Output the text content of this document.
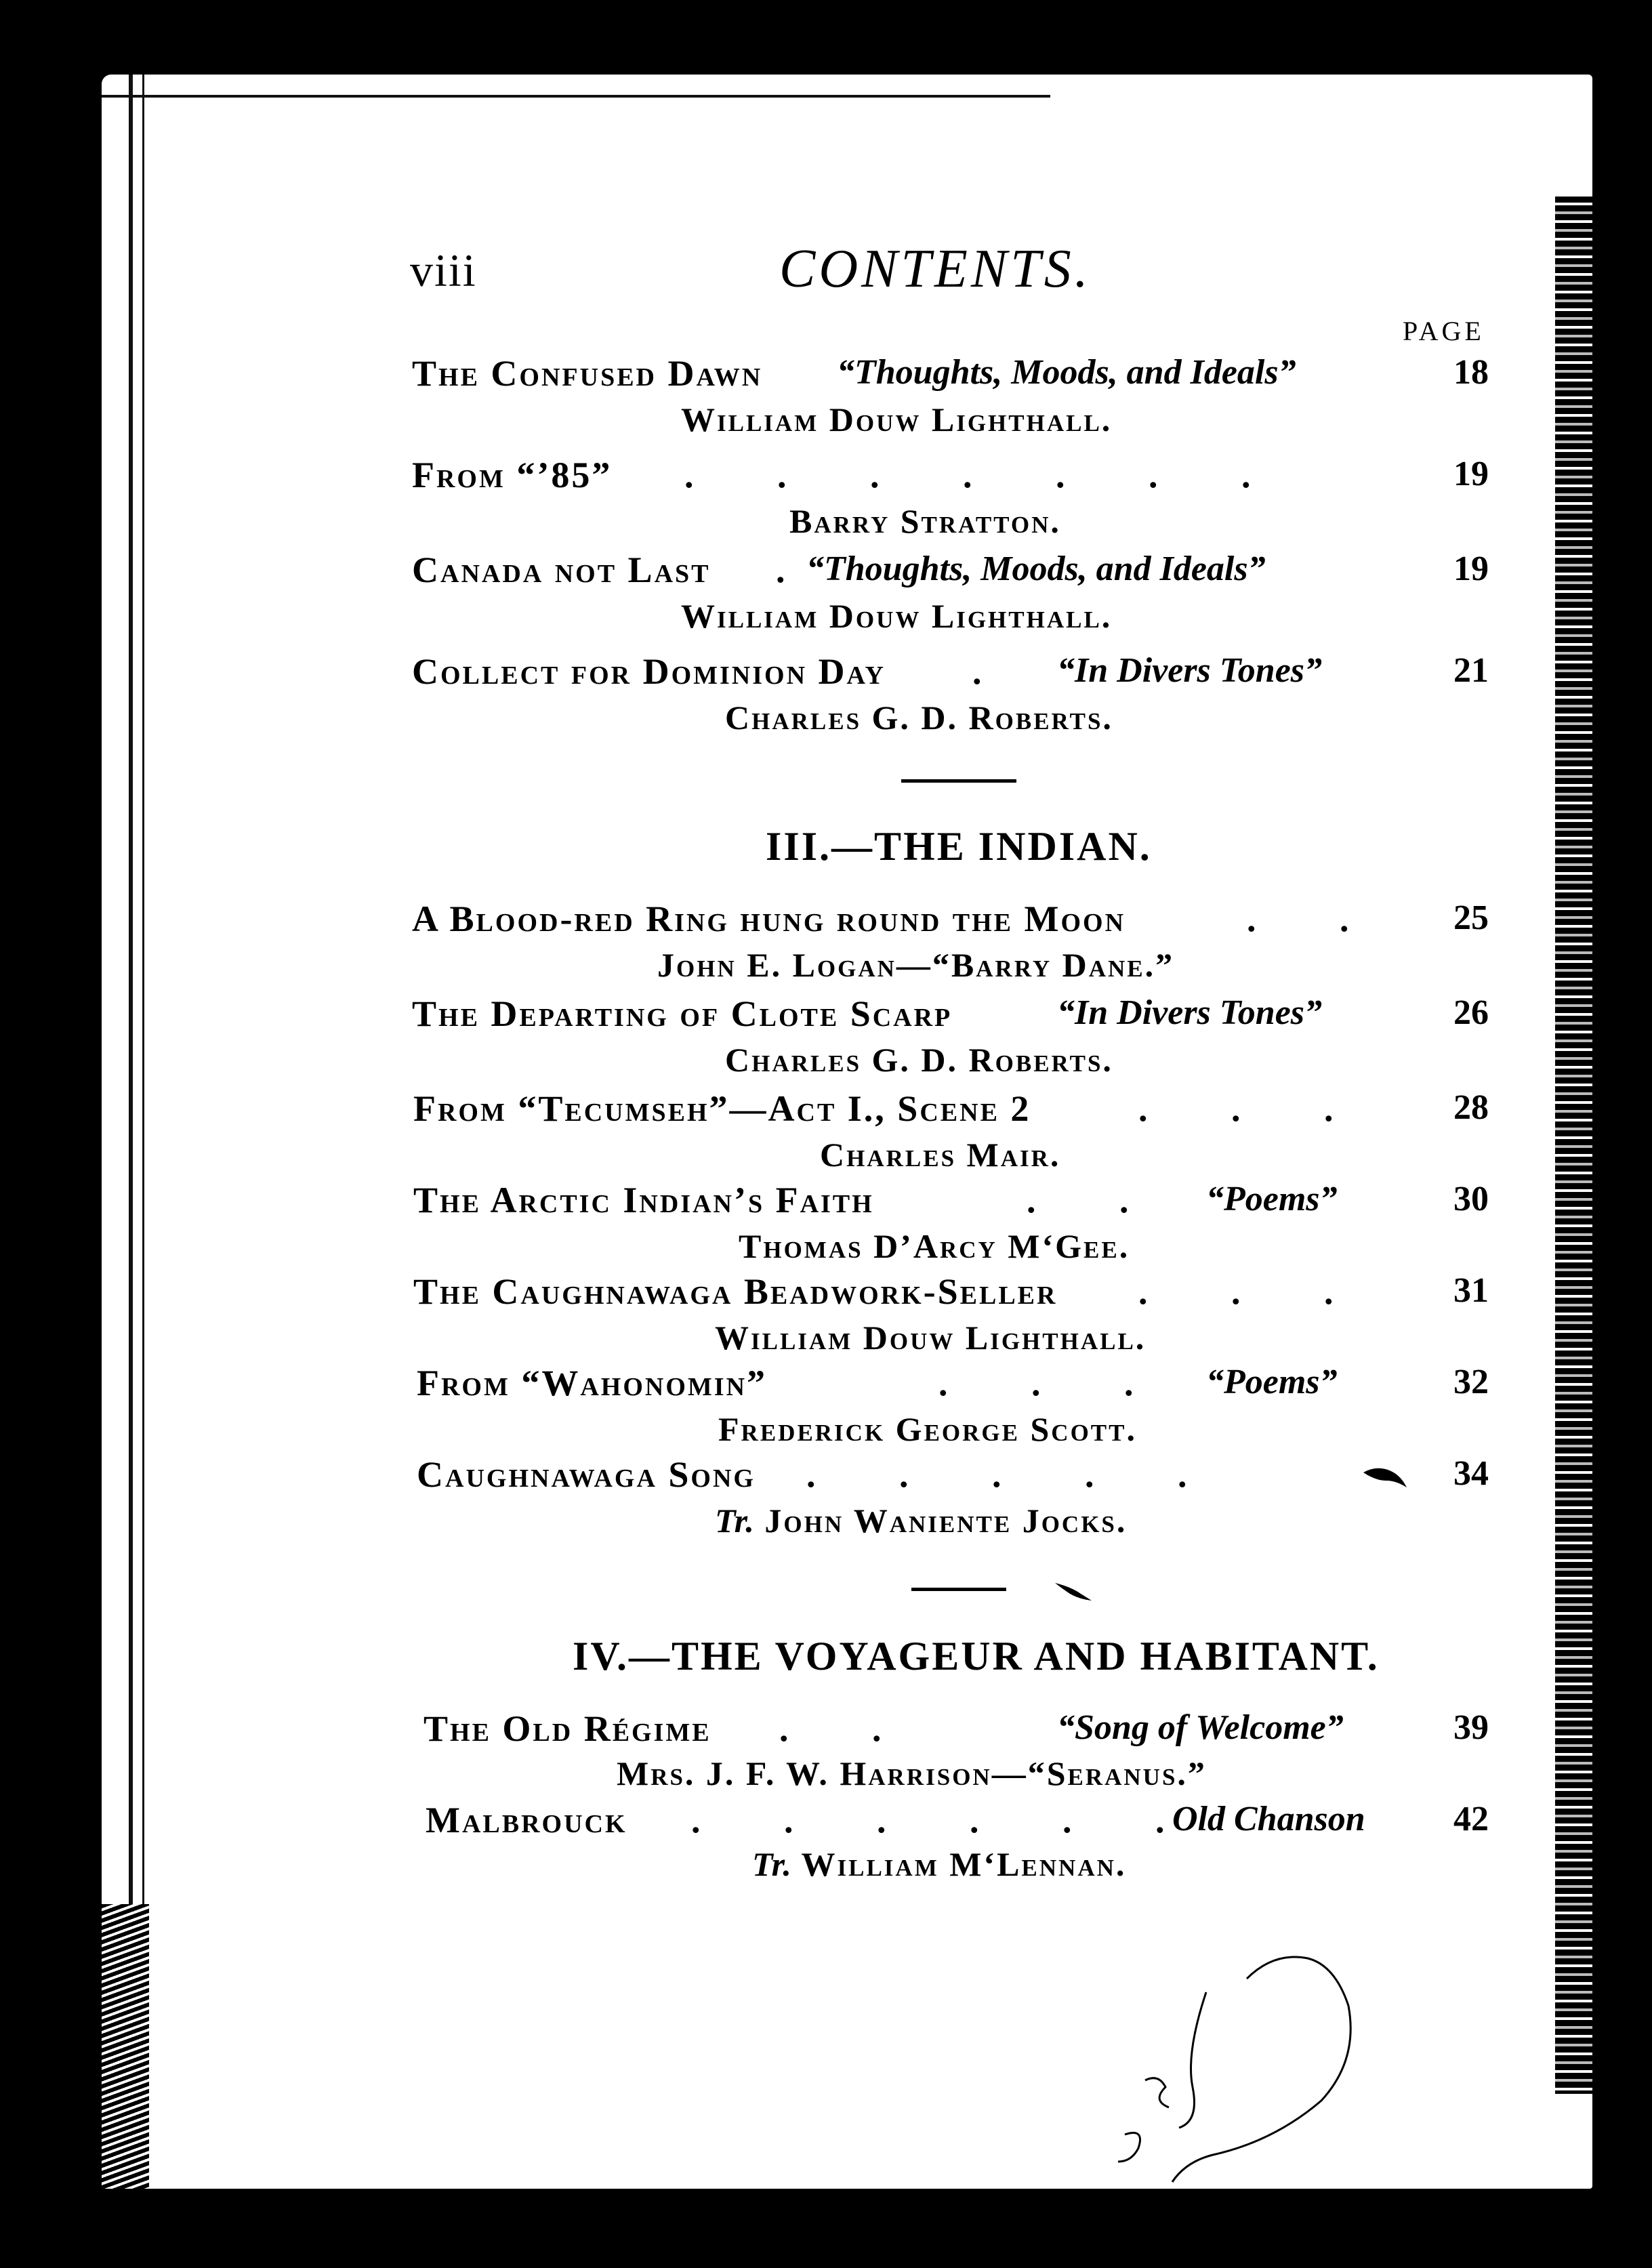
viii	CONTENTS.
PAGE
The Confused Dawn “Thoughts, Moods, and Ideals”	18
William Douw Lighthall.
From “’85” . . . . . . .	19
Barry Stratton.
Canada not Last . “Thoughts, Moods, and Ideals”	19
William Douw Lighthall.
Collect for Dominion Day . “In Divers Tones”	21
Charles G. D. Roberts.
III.—THE INDIAN.
A Blood-red Ring hung round the Moon	. .	25
John E. Logan—“Barry Dane.”
The Departing of Clote Scarp	“In Divers Tones”	26
Charles G. D. Roberts.
From “Tecumseh”—Act I., Scene 2	. . .	28
Charles Mair.
The Arctic Indian’s Faith	. . “Poems”	30
Thomas D’Arcy M‘Gee.
The Caughnawaga Beadwork-Seller . . .	31
William Douw Lighthall.
From “Wahonomin”	. . . “Poems”	32
Frederick George Scott.
Caughnawaga Song . . . . .	34
Tr. John Waniente Jocks.
IV.—THE VOYAGEUR AND HABITANT.
The Old Régime . .	“Song of Welcome”	39
Mrs. J. F. W. Harrison—“Seranus.”
Malbrouck . . . . . . Old Chanson	42
Tr. William M‘Lennan.
